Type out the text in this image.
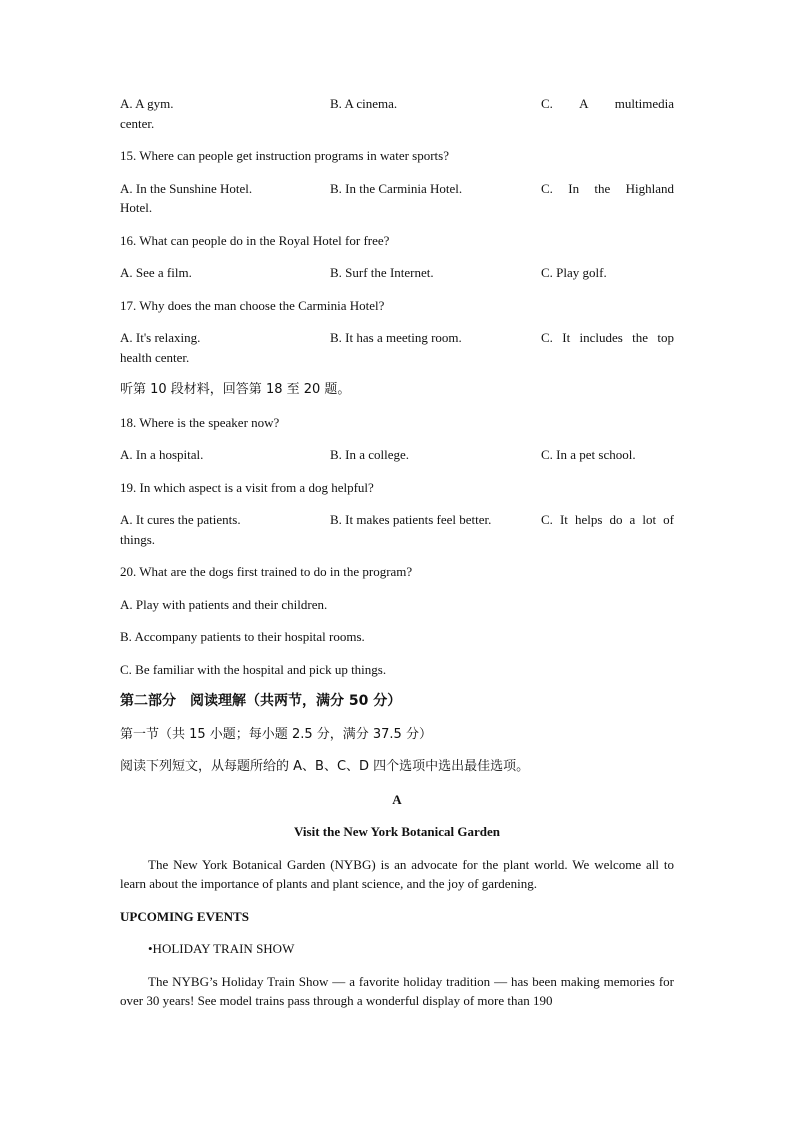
A. A gym.	B. A cinema.	C. A multimedia
center.
15. Where can people get instruction programs in water sports?
A. In the Sunshine Hotel.	B. In the Carminia Hotel.	C. In the Highland
Hotel.
16. What can people do in the Royal Hotel for free?
A. See a film.	B. Surf the Internet.	C. Play golf.
17. Why does the man choose the Carminia Hotel?
A. It's relaxing.	B. It has a meeting room.	C. It includes the top
health center.
听第 10 段材料，回答第 18 至 20 题。
18. Where is the speaker now?
A. In a hospital.	B. In a college.	C. In a pet school.
19. In which aspect is a visit from a dog helpful?
A. It cures the patients.	B. It makes patients feel better.	C. It helps do a lot of
things.
20. What are the dogs first trained to do in the program?
A. Play with patients and their children.
B. Accompany patients to their hospital rooms.
C. Be familiar with the hospital and pick up things.
第二部分　阅读理解（共两节，满分 50 分）
第一节（共 15 小题；每小题 2.5 分，满分 37.5 分）
阅读下列短文，从每题所给的 A、B、C、D 四个选项中选出最佳选项。
A
Visit the New York Botanical Garden
The New York Botanical Garden (NYBG) is an advocate for the plant world. We welcome all to learn about the importance of plants and plant science, and the joy of gardening.
UPCOMING EVENTS
•HOLIDAY TRAIN SHOW
The NYBG’s Holiday Train Show — a favorite holiday tradition — has been making memories for over 30 years! See model trains pass through a wonderful display of more than 190
